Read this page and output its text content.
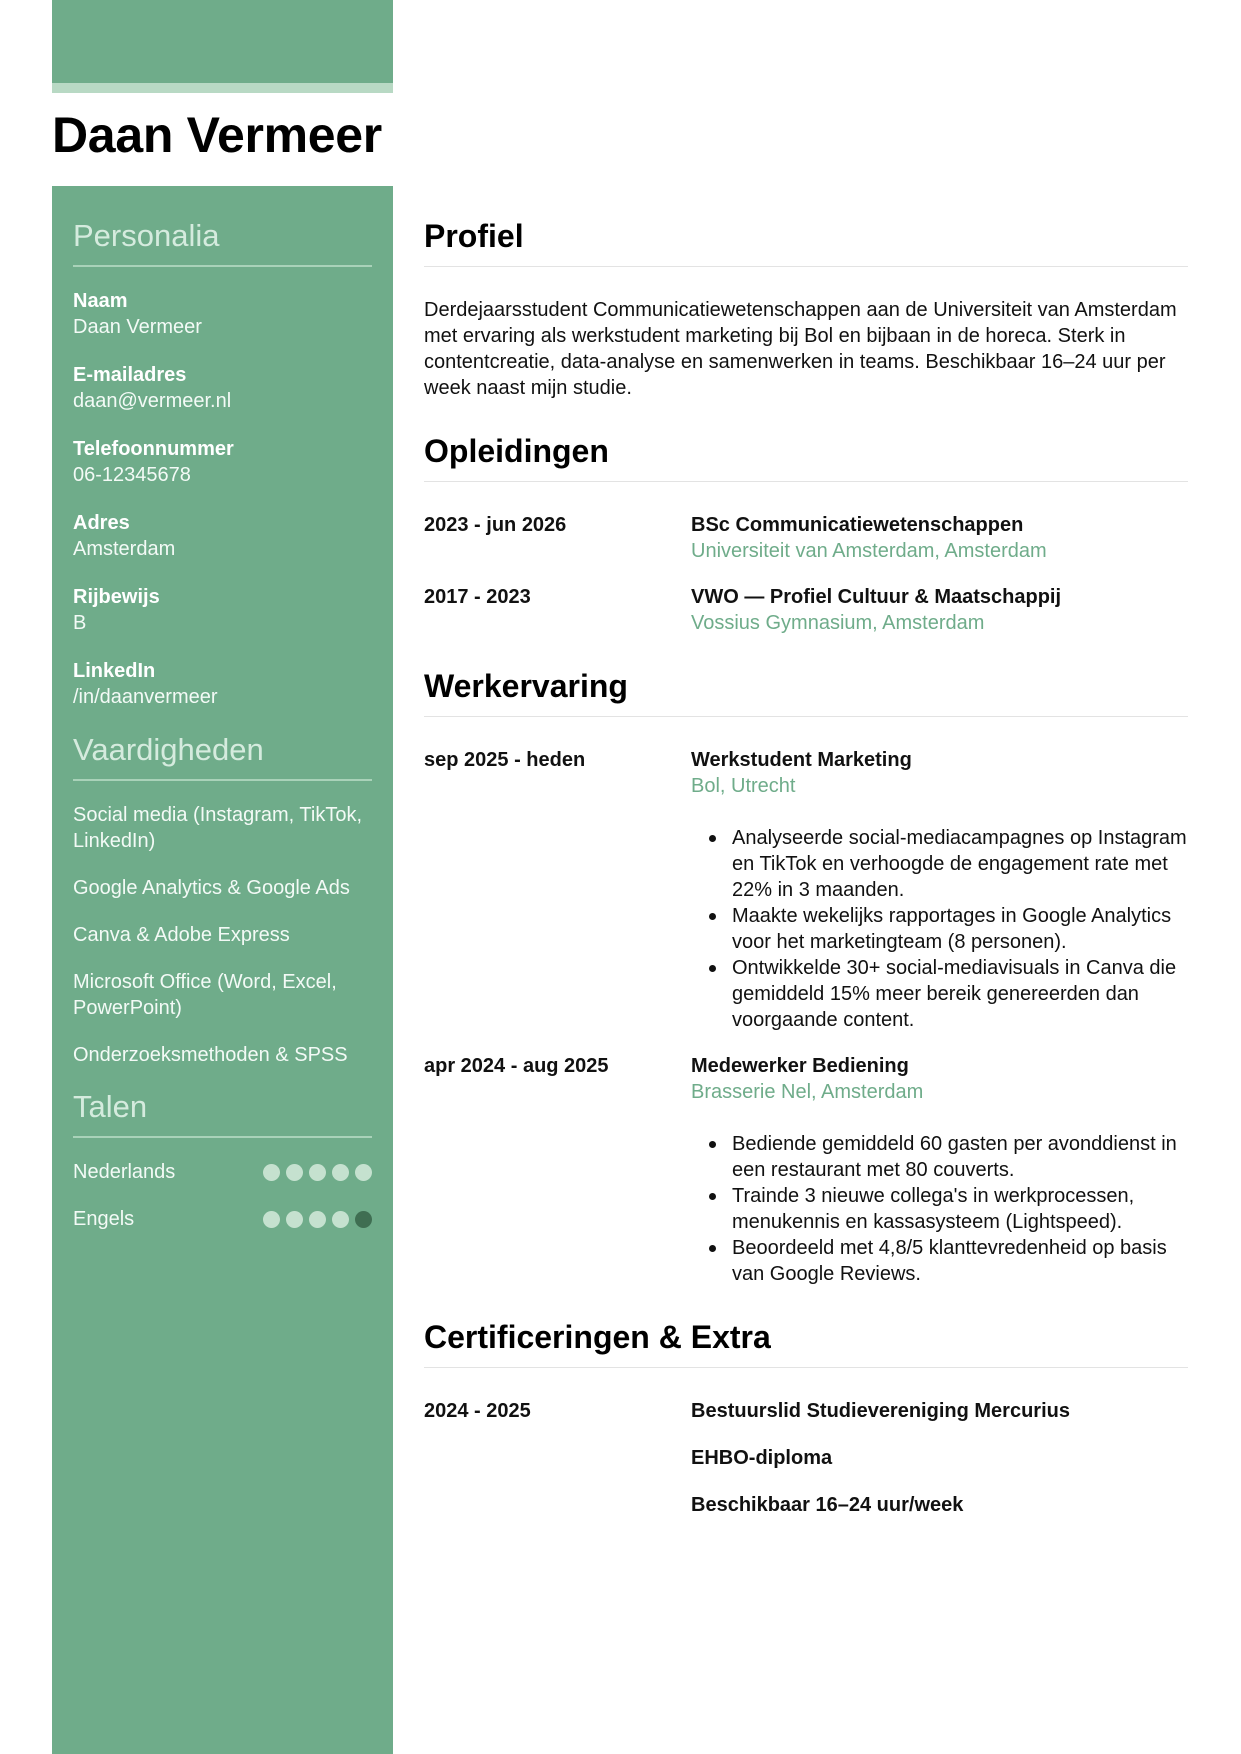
Daan Vermeer
Personalia
Naam
Daan Vermeer
E-mailadres
daan@vermeer.nl
Telefoonnummer
06-12345678
Adres
Amsterdam
Rijbewijs
B
LinkedIn
/in/daanvermeer
Vaardigheden
Social media (Instagram, TikTok, LinkedIn)
Google Analytics & Google Ads
Canva & Adobe Express
Microsoft Office (Word, Excel, PowerPoint)
Onderzoeksmethoden & SPSS
Talen
Nederlands
Engels
Profiel

Derdejaarsstudent Communicatiewetenschappen aan de Universiteit van Amsterdam met ervaring als werkstudent marketing bij Bol en bijbaan in de horeca. Sterk in contentcreatie, data-analyse en samenwerken in teams. Beschikbaar 16–24 uur per week naast mijn studie.

Opleidingen
2023 - jun 2026	BSc Communicatiewetenschappen
Universiteit van Amsterdam, Amsterdam
2017 - 2023	VWO — Profiel Cultuur & Maatschappij
Vossius Gymnasium, Amsterdam
Werkervaring
sep 2025 - heden	Werkstudent Marketing
Bol, Utrecht
Analyseerde social-mediacampagnes op Instagram en TikTok en verhoogde de engagement rate met 22% in 3 maanden.
Maakte wekelijks rapportages in Google Analytics voor het marketingteam (8 personen).
Ontwikkelde 30+ social-mediavisuals in Canva die gemiddeld 15% meer bereik genereerden dan voorgaande content.
apr 2024 - aug 2025	Medewerker Bediening
Brasserie Nel, Amsterdam
Bediende gemiddeld 60 gasten per avonddienst in een restaurant met 80 couverts.
Trainde 3 nieuwe collega's in werkprocessen, menukennis en kassasysteem (Lightspeed).
Beoordeeld met 4,8/5 klanttevredenheid op basis van Google Reviews.
Certificeringen & Extra
2024 - 2025	Bestuurslid Studievereniging Mercurius
EHBO-diploma
Beschikbaar 16–24 uur/week
